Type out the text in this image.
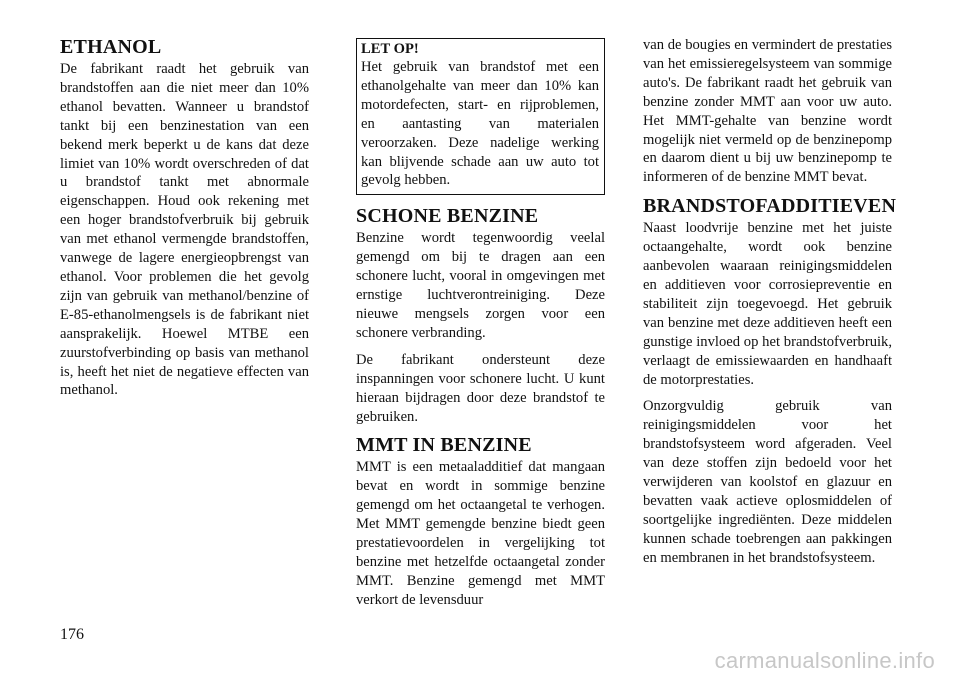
ETHANOL

De fabrikant raadt het gebruik van brandstoffen aan die niet meer dan 10% ethanol bevatten. Wanneer u brandstof tankt bij een benzinestation van een bekend merk beperkt u de kans dat deze limiet van 10% wordt overschreden of dat u brandstof tankt met abnormale eigenschappen. Houd ook rekening met een hoger brandstofverbruik bij gebruik van met ethanol vermengde brandstoffen, vanwege de lagere energieopbrengst van ethanol. Voor problemen die het gevolg zijn van gebruik van methanol/benzine of E-85-ethanolmengsels is de fabrikant niet aansprakelijk. Hoewel MTBE een zuurstofverbinding op basis van methanol is, heeft het niet de negatieve effecten van methanol.

LET OP!

Het gebruik van brandstof met een ethanolgehalte van meer dan 10% kan motordefecten, start- en rijproblemen, en aantasting van materialen veroorzaken. Deze nadelige werking kan blijvende schade aan uw auto tot gevolg hebben.

SCHONE BENZINE

Benzine wordt tegenwoordig veelal gemengd om bij te dragen aan een schonere lucht, vooral in omgevingen met ernstige luchtverontreiniging. Deze nieuwe mengsels zorgen voor een schonere verbranding.

De fabrikant ondersteunt deze inspanningen voor schonere lucht. U kunt hieraan bijdragen door deze brandstof te gebruiken.

MMT IN BENZINE

MMT is een metaaladditief dat mangaan bevat en wordt in sommige benzine gemengd om het octaangetal te verhogen. Met MMT gemengde benzine biedt geen prestatievoordelen in vergelijking tot benzine met hetzelfde octaangetal zonder MMT. Benzine gemengd met MMT verkort de levensduur

van de bougies en vermindert de prestaties van het emissieregelsysteem van sommige auto's. De fabrikant raadt het gebruik van benzine zonder MMT aan voor uw auto. Het MMT-gehalte van benzine wordt mogelijk niet vermeld op de benzinepomp en daarom dient u bij uw benzinepomp te informeren of de benzine MMT bevat.

BRANDSTOFADDITIEVEN

Naast loodvrije benzine met het juiste octaangehalte, wordt ook benzine aanbevolen waaraan reinigingsmiddelen en additieven voor corrosiepreventie en stabiliteit zijn toegevoegd. Het gebruik van benzine met deze additieven heeft een gunstige invloed op het brandstofverbruik, verlaagt de emissiewaarden en handhaaft de motorprestaties.

Onzorgvuldig gebruik van reinigingsmiddelen voor het brandstofsysteem word afgeraden. Veel van deze stoffen zijn bedoeld voor het verwijderen van koolstof en glazuur en bevatten vaak actieve oplosmiddelen of soortgelijke ingrediënten. Deze middelen kunnen schade toebrengen aan pakkingen en membranen in het brandstofsysteem.

176
carmanualsonline.info
